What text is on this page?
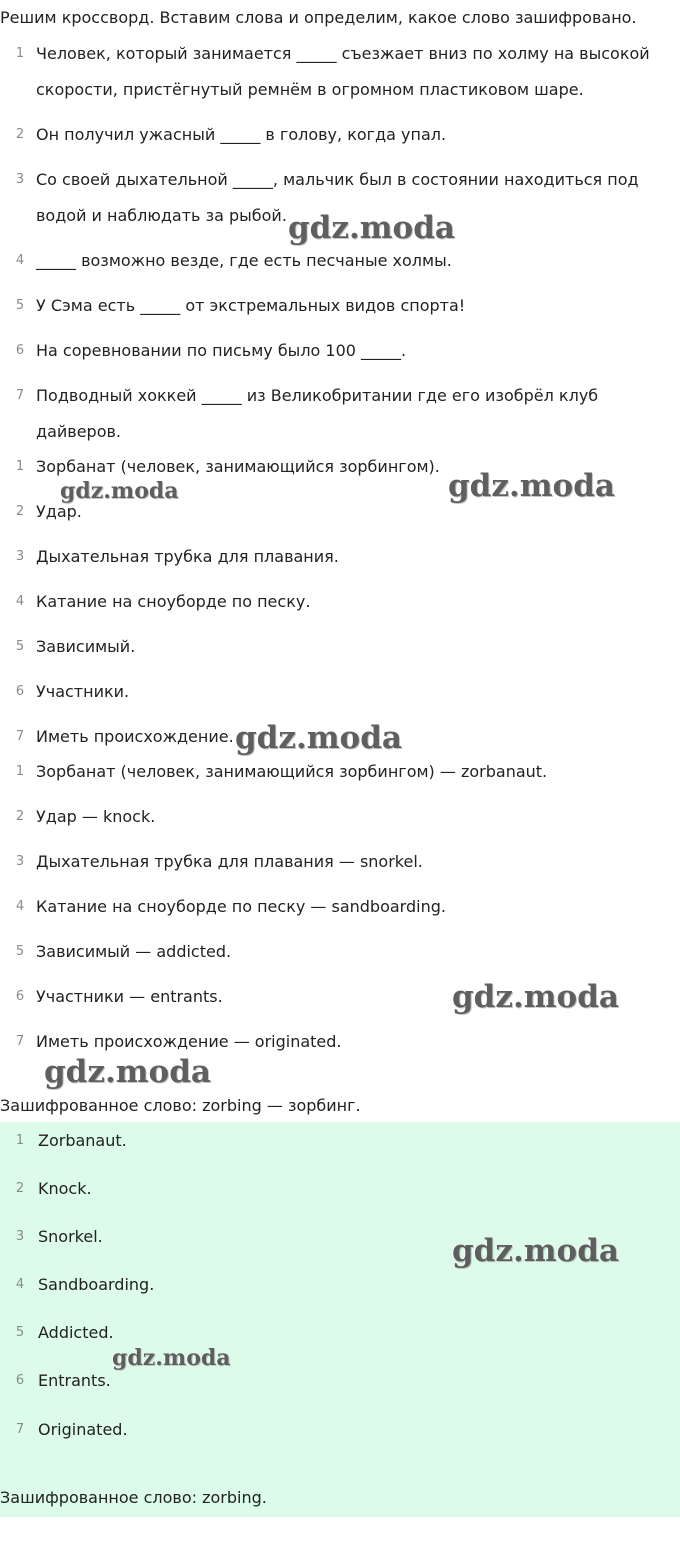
Решим кроссворд. Вставим слова и определим, какое слово зашифровано.
1 Человек, который занимается _____ съезжает вниз по холму на высокой скорости, пристёгнутый ремнём в огромном пластиковом шаре.
2 Он получил ужасный _____ в голову, когда упал.
3 Со своей дыхательной _____, мальчик был в состоянии находиться под водой и наблюдать за рыбой.
4 _____ возможно везде, где есть песчаные холмы.
5 У Сэма есть _____ от экстремальных видов спорта!
6 На соревновании по письму было 100 _____.
7 Подводный хоккей _____ из Великобритании где его изобрёл клуб дайверов.
1 Зорбанат (человек, занимающийся зорбингом).
2 Удар.
3 Дыхательная трубка для плавания.
4 Катание на сноуборде по песку.
5 Зависимый.
6 Участники.
7 Иметь происхождение.
1 Зорбанат (человек, занимающийся зорбингом) — zorbanaut.
2 Удар — knock.
3 Дыхательная трубка для плавания — snorkel.
4 Катание на сноуборде по песку — sandboarding.
5 Зависимый — addicted.
6 Участники — entrants.
7 Иметь происхождение — originated.
Зашифрованное слово: zorbing — зорбинг.
1 Zorbanaut.
2 Knock.
3 Snorkel.
4 Sandboarding.
5 Addicted.
6 Entrants.
7 Originated.
Зашифрованное слово: zorbing.
gdz.moda
gdz.moda	gdz.moda
gdz.moda
gdz.moda
gdz.moda
gdz.moda
gdz.moda
